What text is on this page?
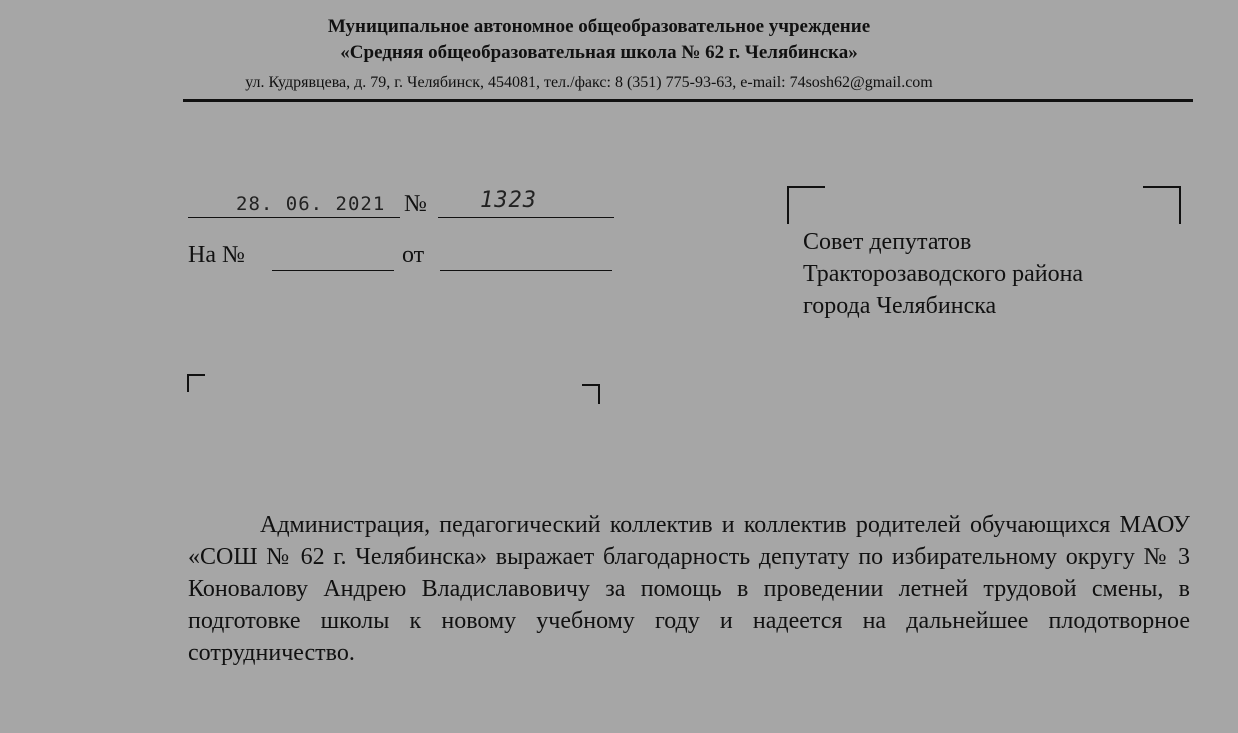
Муниципальное автономное общеобразовательное учреждение
«Средняя общеобразовательная школа № 62 г. Челябинска»
ул. Кудрявцева, д. 79, г. Челябинск, 454081, тел./факс: 8 (351) 775-93-63, e-mail: 74sosh62@gmail.com
28. 06. 2021 № 1323
На №	от	Совет депутатов
Тракторозаводского района
города Челябинска

Администрация, педагогический коллектив и коллектив родителей обучающихся МАОУ «СОШ № 62 г. Челябинска» выражает благодарность депутату по избирательному округу № 3 Коновалову Андрею Владиславовичу за помощь в проведении летней трудовой смены, в подготовке школы к новому учебному году и надеется на дальнейшее плодотворное сотрудничество.
